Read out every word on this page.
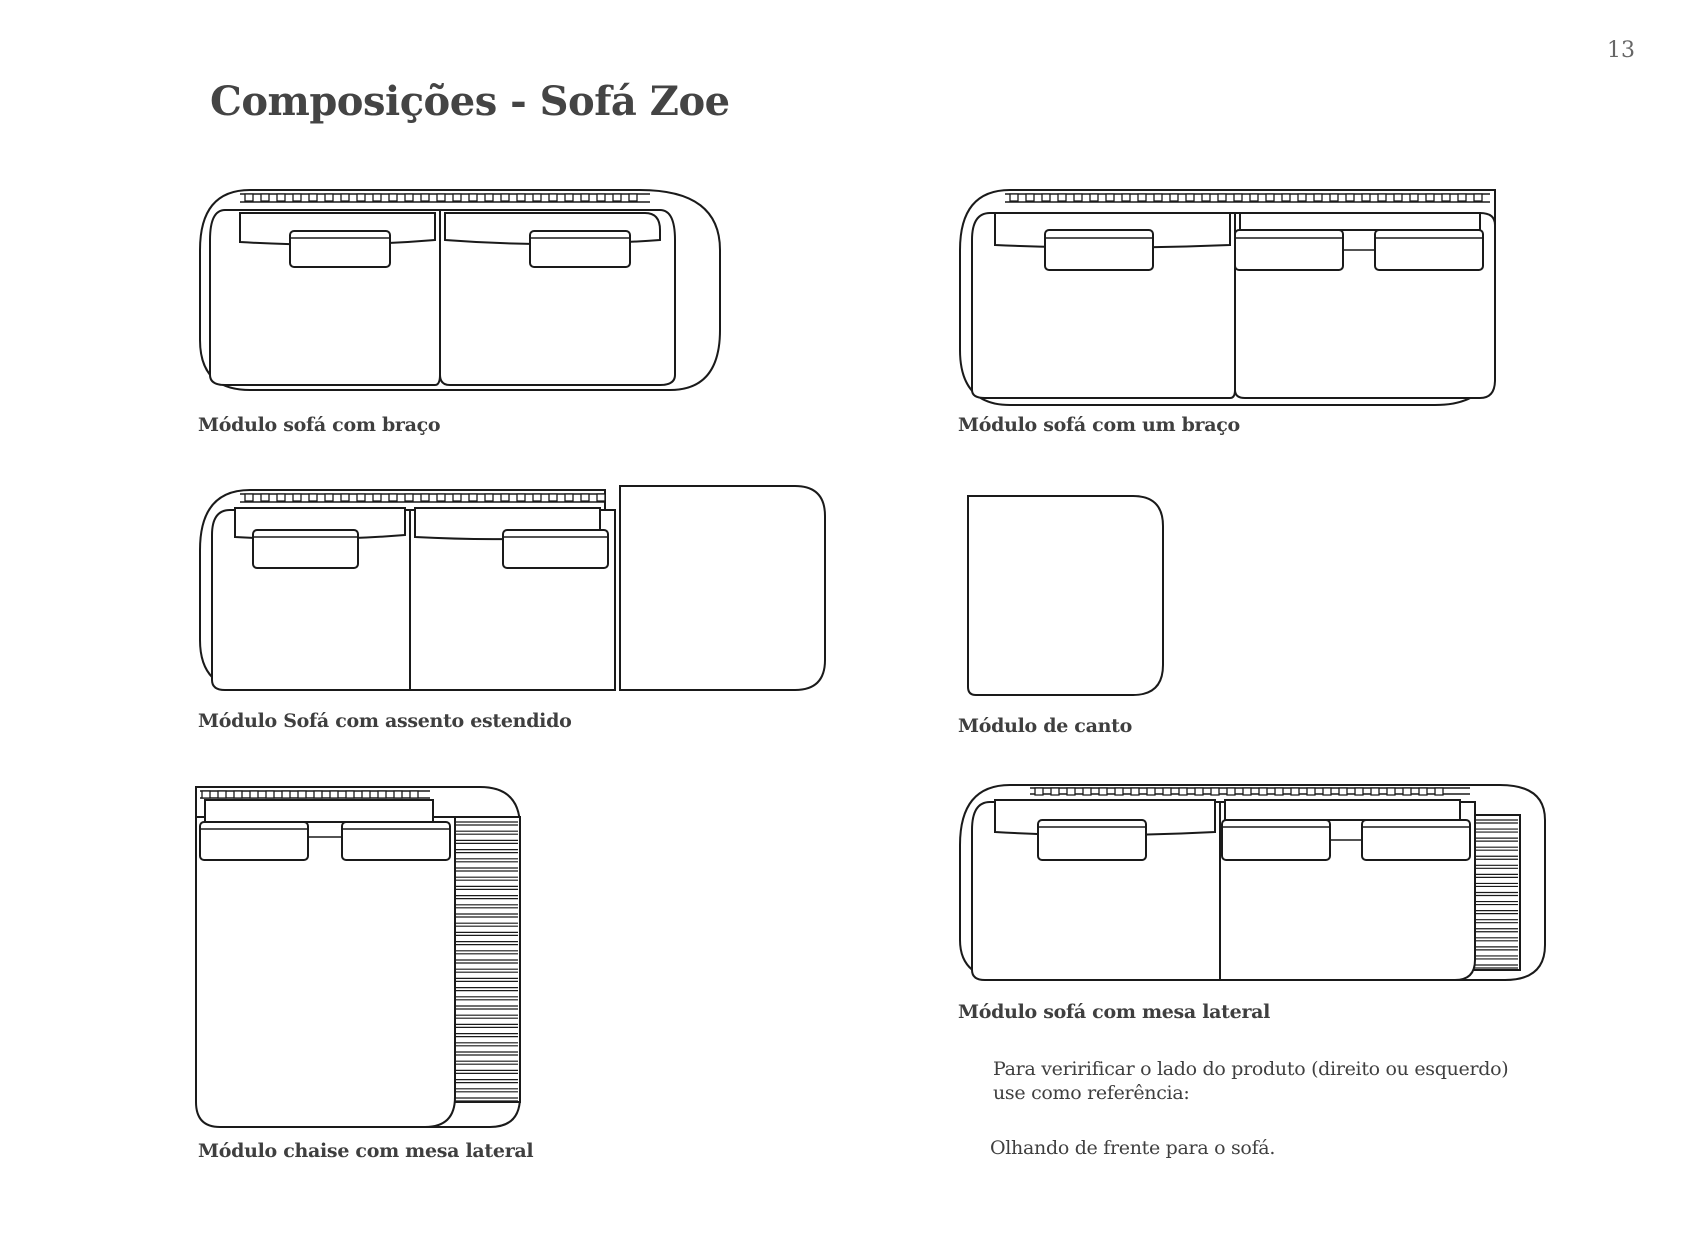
13
Composições - Sofá Zoe
Módulo sofá com braço	Módulo sofá com um braço
Módulo Sofá com assento estendido	Módulo de canto
Módulo chaise com mesa lateral
Módulo sofá com mesa lateral
Para veririficar o lado do produto (direito ou esquerdo)
use como referência:
Olhando de frente para o sofá.
